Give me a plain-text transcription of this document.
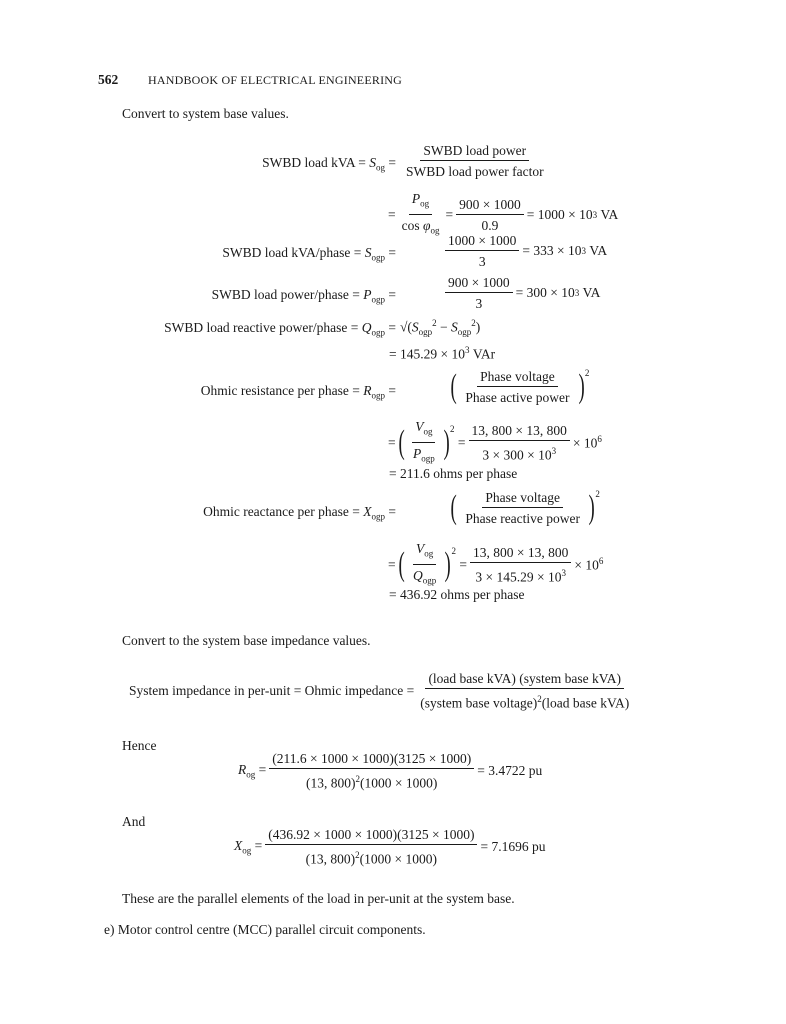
562 HANDBOOK OF ELECTRICAL ENGINEERING
Convert to system base values.
SWBD load kVA = $S_{og} = \frac{\text{SWBD load power}}{\text{SWBD load power factor}}$
= $\frac{P_{og}}{\cos \varphi_{og}} = \frac{900 \times 1000}{0.9} = 1000 \times 10$ 3
VA
SWBD load kVA/phase = $S_{ogp}$ =	$\frac{1000 \times 1000}{3} = 333 \times 10$ 3
VA
SWBD load power/phase = $P_{ogp}$ =	$\frac{900 \times 1000}{3} = 300 \times 10$ 3
VA
SWBD load reactive power/phase = $Q_{ogp} = √(S_{ogp}^2 - S_{ogp}^2)$
= $145.29 \times 10^3$ VAr
Ohmic resistance per phase = $R_{ogp}$ = ( $\frac{\text{Phase voltage}}{\text{Phase active power}}$ ) 2
= ( $\frac{V_{og}}{P_{ogp}}$ ) 2
= $\frac{13, 800 \times 13, 800}{3 \times 300 \times 10^3} \times 10^6$
= 211.6 ohms per phase
Ohmic reactance per phase = $X_{ogp}$ = ( $\frac{\text{Phase voltage}}{\text{Phase reactive power}}$ ) 2
= ( $\frac{V_{og}}{Q_{ogp}}$ ) 2
= $\frac{13, 800 \times 13, 800}{3 \times 145.29 \times 10^3} \times 10^6$
= 436.92 ohms per phase
Convert to the system base impedance values.
System impedance in per-unit = Ohmic impedance = $\frac{\text{(load base kVA) (system base kVA)}}{(system base voltage)^2(load base kVA)}$
Hence
$R_{og} = \frac{(211.6 \times 1000 \times 1000)(3125 \times 1000)}{(13, 800)^2(1000 \times 1000)} = 3.4722$ pu
And
$X_{og} = \frac{(436.92 \times 1000 \times 1000)(3125 \times 1000)}{(13, 800)^2(1000 \times 1000)} = 7.1696$ pu
These are the parallel elements of the load in per-unit at the system base.
e) Motor control centre (MCC) parallel circuit components.
